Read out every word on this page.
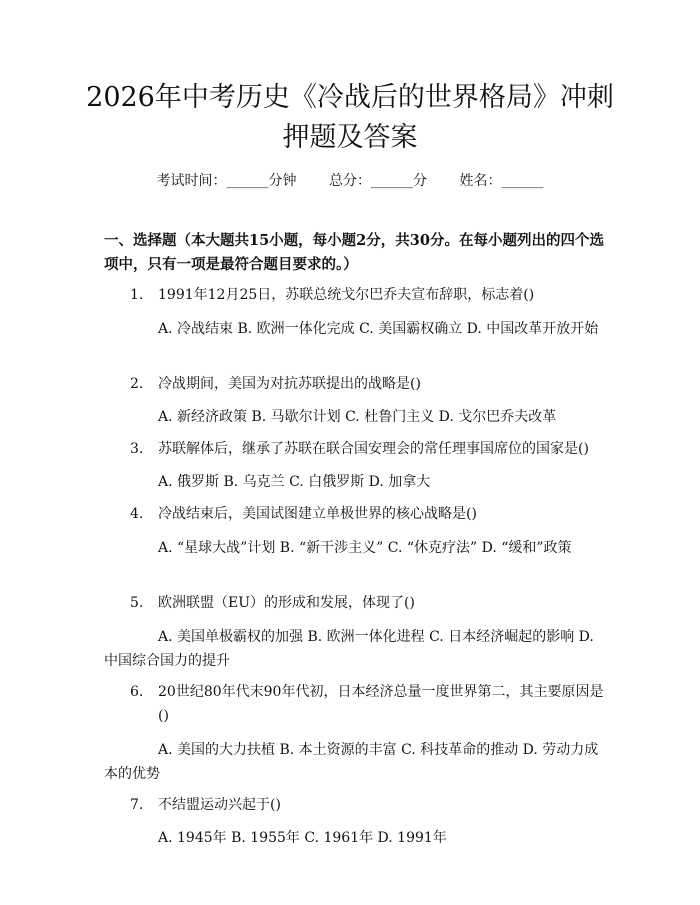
2026年中考历史《冷战后的世界格局》冲刺
押题及答案
考试时间：______分钟 总分：______分 姓名：______
一、选择题（本大题共15小题，每小题2分，共30分。在每小题列出的四个选项中，只有一项是最符合题目要求的。）
1.	1991年12月25日，苏联总统戈尔巴乔夫宣布辞职，标志着()
A. 冷战结束 B. 欧洲一体化完成 C. 美国霸权确立 D. 中国改革开放开始
2.	冷战期间，美国为对抗苏联提出的战略是()
A. 新经济政策 B. 马歇尔计划 C. 杜鲁门主义 D. 戈尔巴乔夫改革
3.	苏联解体后，继承了苏联在联合国安理会的常任理事国席位的国家是()
A. 俄罗斯 B. 乌克兰 C. 白俄罗斯 D. 加拿大
4.	冷战结束后，美国试图建立单极世界的核心战略是()
A. “星球大战”计划 B. “新干涉主义” C. “休克疗法” D. “缓和”政策
5.	欧洲联盟（EU）的形成和发展，体现了()
A. 美国单极霸权的加强 B. 欧洲一体化进程 C. 日本经济崛起的影响 D. 中国综合国力的提升
6.	20世纪80年代末90年代初，日本经济总量一度世界第二，其主要原因是()
A. 美国的大力扶植 B. 本土资源的丰富 C. 科技革命的推动 D. 劳动力成本的优势
7.	不结盟运动兴起于()
A. 1945年 B. 1955年 C. 1961年 D. 1991年
